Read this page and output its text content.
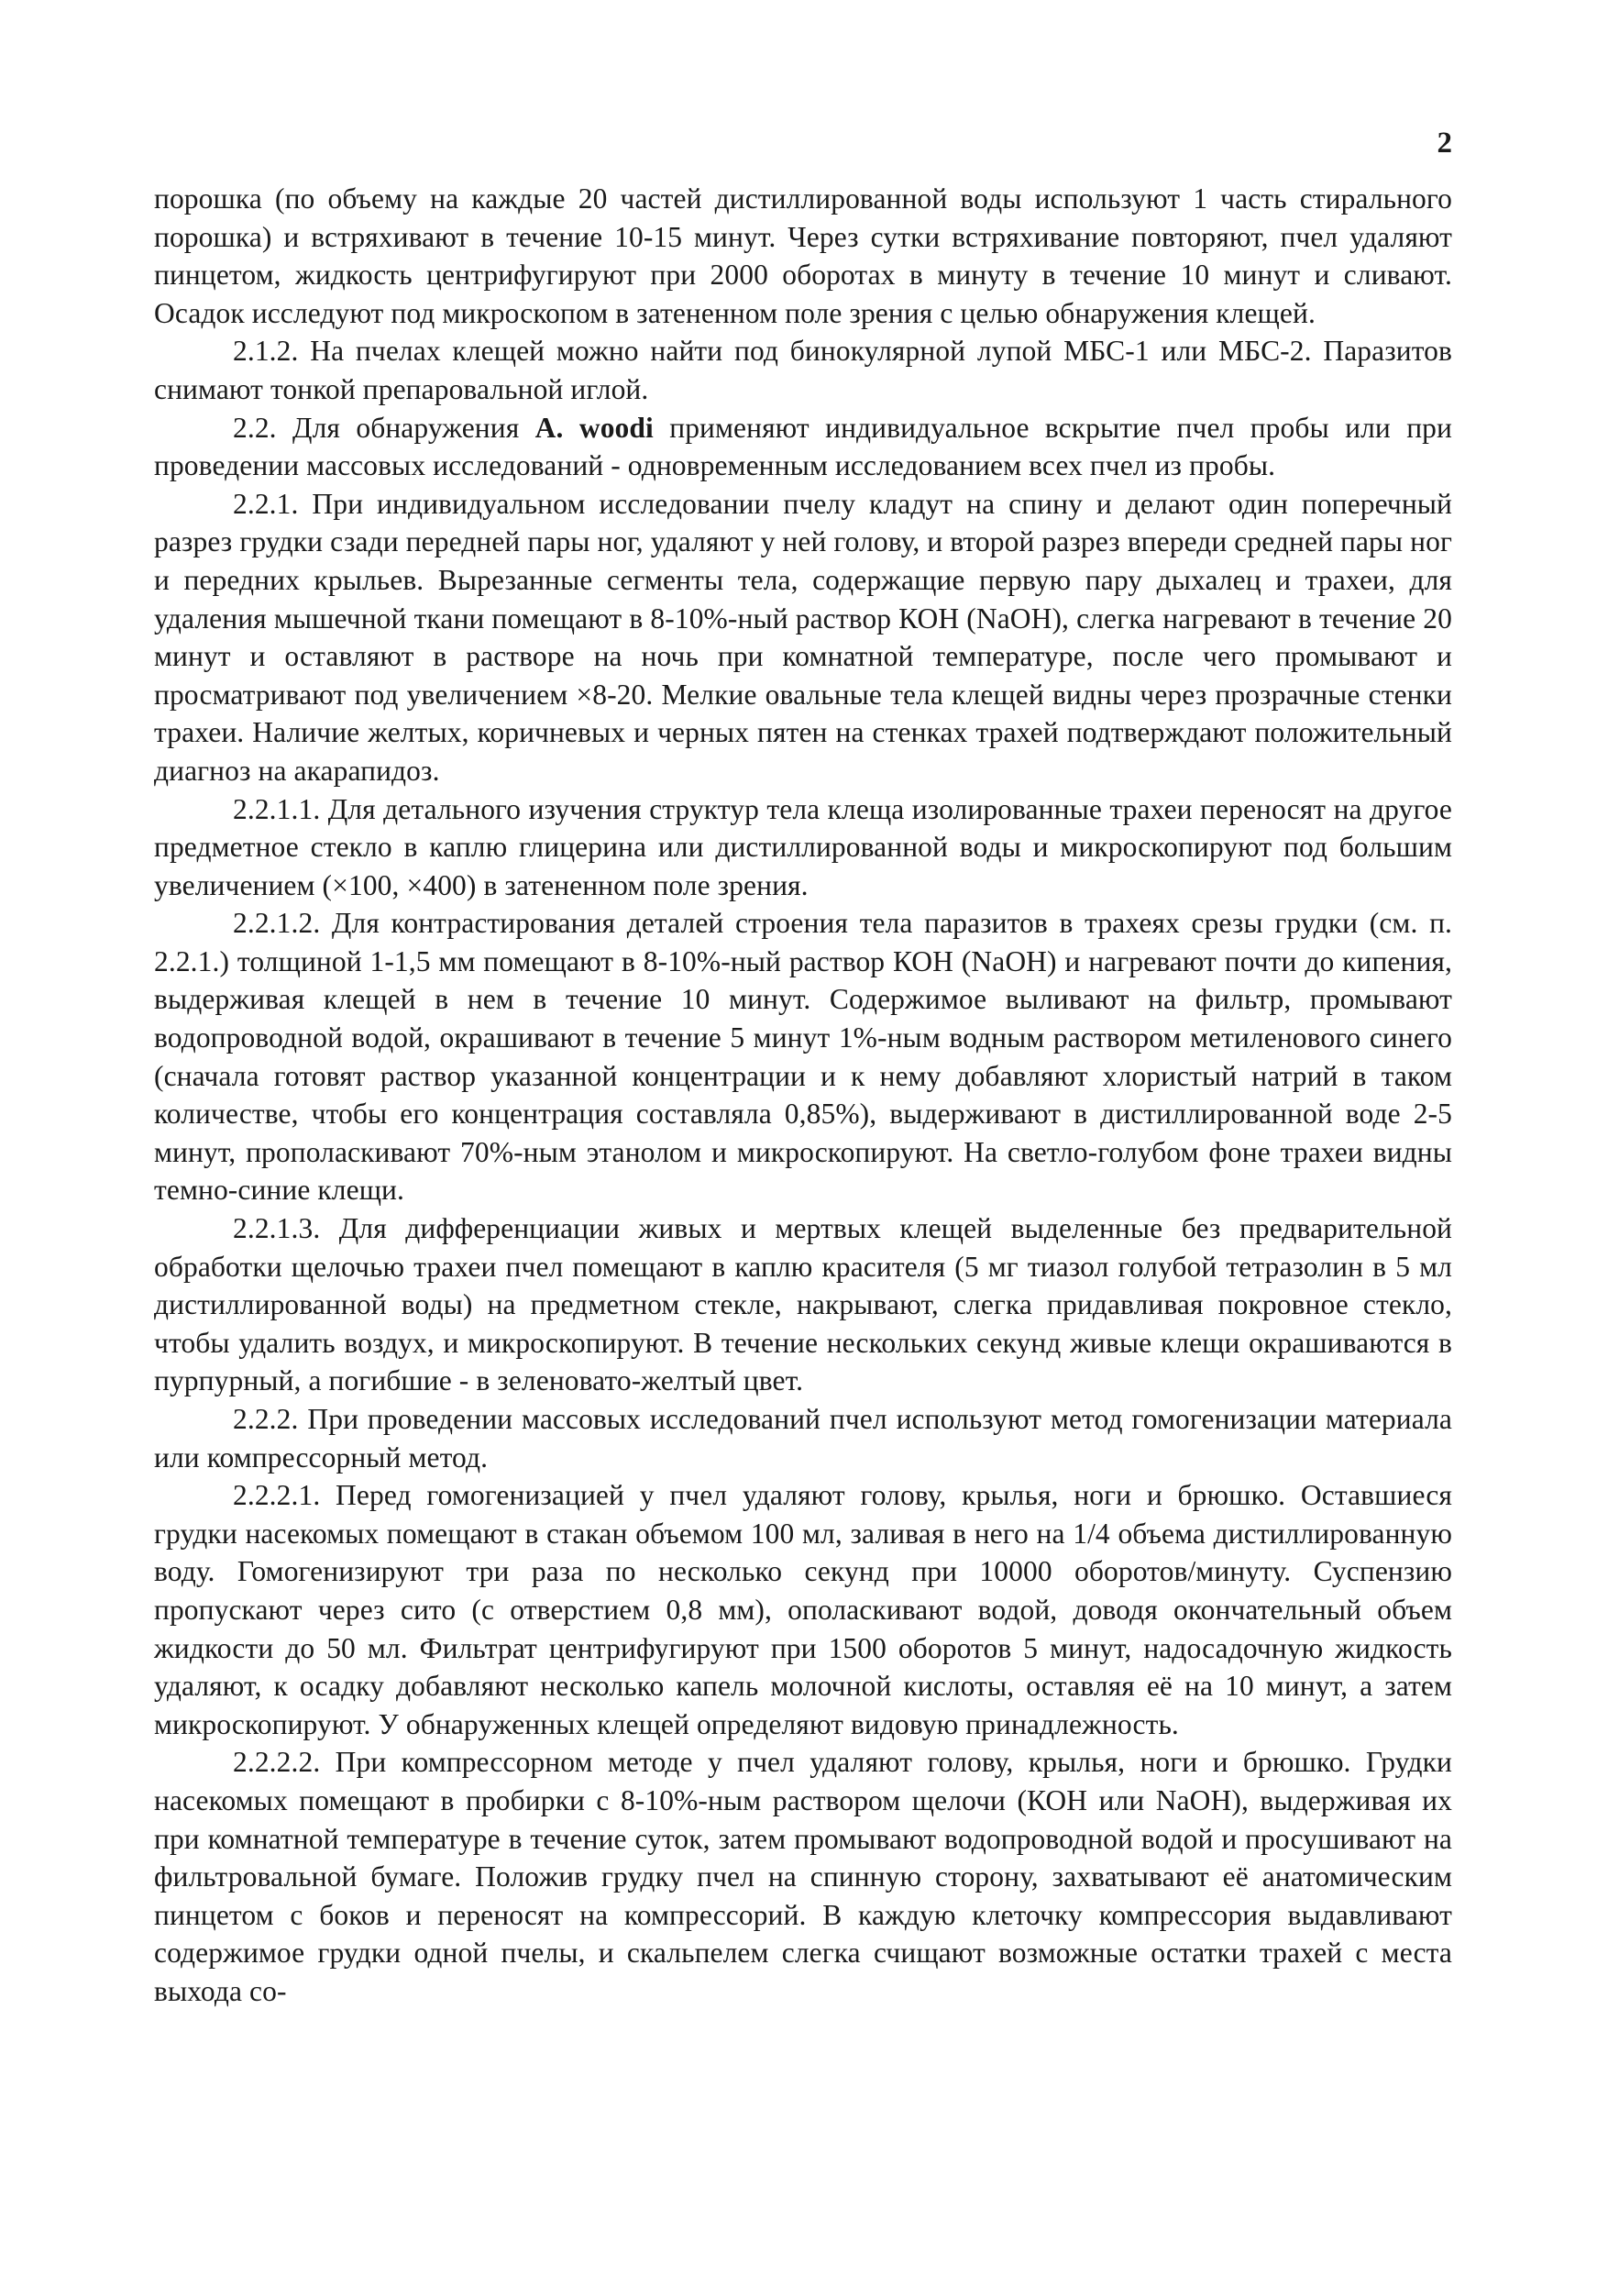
2

порошка (по объему на каждые 20 частей дистиллированной воды используют 1 часть стирального порошка) и встряхивают в течение 10-15 минут. Через сутки встряхивание повторяют, пчел удаляют пинцетом, жидкость центрифугируют при 2000 оборотах в минуту в течение 10 минут и сливают. Осадок исследуют под микроскопом в затененном поле зрения с целью обнаружения клещей.

2.1.2. На пчелах клещей можно найти под бинокулярной лупой МБС-1 или МБС-2. Паразитов снимают тонкой препаровальной иглой.

2.2. Для обнаружения A. woodi применяют индивидуальное вскрытие пчел пробы или при проведении массовых исследований - одновременным исследованием всех пчел из пробы.

2.2.1. При индивидуальном исследовании пчелу кладут на спину и делают один поперечный разрез грудки сзади передней пары ног, удаляют у ней голову, и второй разрез впереди средней пары ног и передних крыльев. Вырезанные сегменты тела, содержащие первую пару дыхалец и трахеи, для удаления мышечной ткани помещают в 8-10%-ный раствор КОН (NaOH), слегка нагревают в течение 20 минут и оставляют в растворе на ночь при комнатной температуре, после чего промывают и просматривают под увеличением ×8-20. Мелкие овальные тела клещей видны через прозрачные стенки трахеи. Наличие желтых, коричневых и черных пятен на стенках трахей подтверждают положительный диагноз на акарапидоз.

2.2.1.1. Для детального изучения структур тела клеща изолированные трахеи переносят на другое предметное стекло в каплю глицерина или дистиллированной воды и микроскопируют под большим увеличением (×100, ×400) в затененном поле зрения.

2.2.1.2. Для контрастирования деталей строения тела паразитов в трахеях срезы грудки (см. п. 2.2.1.) толщиной 1-1,5 мм помещают в 8-10%-ный раствор КОН (NaOH) и нагревают почти до кипения, выдерживая клещей в нем в течение 10 минут. Содержимое выливают на фильтр, промывают водопроводной водой, окрашивают в течение 5 минут 1%-ным водным раствором метиленового синего (сначала готовят раствор указанной концентрации и к нему добавляют хлористый натрий в таком количестве, чтобы его концентрация составляла 0,85%), выдерживают в дистиллированной воде 2-5 минут, прополаскивают 70%-ным этанолом и микроскопируют. На светло-голубом фоне трахеи видны темно-синие клещи.

2.2.1.3. Для дифференциации живых и мертвых клещей выделенные без предварительной обработки щелочью трахеи пчел помещают в каплю красителя (5 мг тиазол голубой тетразолин в 5 мл дистиллированной воды) на предметном стекле, накрывают, слегка придавливая покровное стекло, чтобы удалить воздух, и микроскопируют. В течение нескольких секунд живые клещи окрашиваются в пурпурный, а погибшие - в зеленовато-желтый цвет.

2.2.2. При проведении массовых исследований пчел используют метод гомогенизации материала или компрессорный метод.

2.2.2.1. Перед гомогенизацией у пчел удаляют голову, крылья, ноги и брюшко. Оставшиеся грудки насекомых помещают в стакан объемом 100 мл, заливая в него на 1/4 объема дистиллированную воду. Гомогенизируют три раза по несколько секунд при 10000 оборотов/минуту. Суспензию пропускают через сито (с отверстием 0,8 мм), ополаскивают водой, доводя окончательный объем жидкости до 50 мл. Фильтрат центрифугируют при 1500 оборотов 5 минут, надосадочную жидкость удаляют, к осадку добавляют несколько капель молочной кислоты, оставляя её на 10 минут, а затем микроскопируют. У обнаруженных клещей определяют видовую принадлежность.

2.2.2.2. При компрессорном методе у пчел удаляют голову, крылья, ноги и брюшко. Грудки насекомых помещают в пробирки с 8-10%-ным раствором щелочи (КОН или NaOH), выдерживая их при комнатной температуре в течение суток, затем промывают водопроводной водой и просушивают на фильтровальной бумаге. Положив грудку пчел на спинную сторону, захватывают её анатомическим пинцетом с боков и переносят на компрессорий. В каждую клеточку компрессория выдавливают содержимое грудки одной пчелы, и скальпелем слегка счищают возможные остатки трахей с места выхода со-
